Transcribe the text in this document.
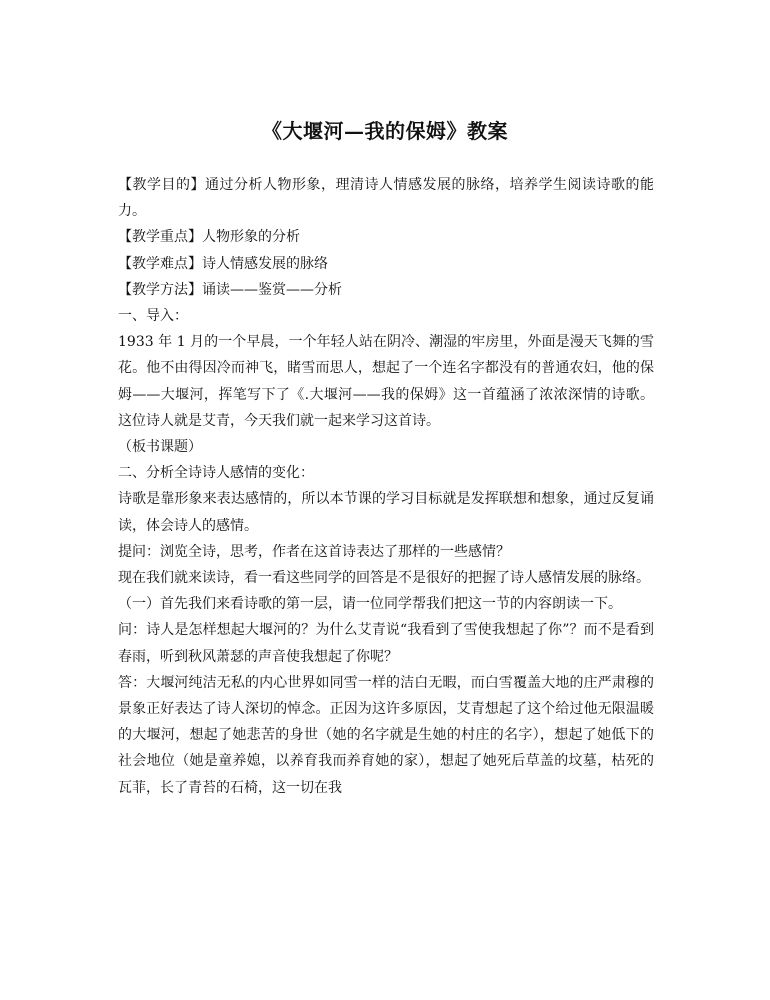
《大堰河—我的保姆》教案

【教学目的】通过分析人物形象，理清诗人情感发展的脉络，培养学生阅读诗歌的能力。

【教学重点】人物形象的分析

【教学难点】诗人情感发展的脉络

【教学方法】诵读——鉴赏——分析

一、导入：

1933 年 1 月的一个早晨，一个年轻人站在阴冷、潮湿的牢房里，外面是漫天飞舞的雪花。他不由得因冷而神飞，睹雪而思人，想起了一个连名字都没有的普通农妇，他的保姆——大堰河，挥笔写下了《.大堰河——我的保姆》这一首蕴涵了浓浓深情的诗歌。这位诗人就是艾青，今天我们就一起来学习这首诗。

（板书课题）

二、分析全诗诗人感情的变化：

诗歌是靠形象来表达感情的，所以本节课的学习目标就是发挥联想和想象，通过反复诵读，体会诗人的感情。

提问：浏览全诗，思考，作者在这首诗表达了那样的一些感情？

现在我们就来读诗，看一看这些同学的回答是不是很好的把握了诗人感情发展的脉络。

（一）首先我们来看诗歌的第一层，请一位同学帮我们把这一节的内容朗读一下。

问：诗人是怎样想起大堰河的？为什么艾青说“我看到了雪使我想起了你”？而不是看到春雨，听到秋风萧瑟的声音使我想起了你呢？

答：大堰河纯洁无私的内心世界如同雪一样的洁白无暇，而白雪覆盖大地的庄严肃穆的景象正好表达了诗人深切的悼念。正因为这许多原因，艾青想起了这个给过他无限温暖的大堰河，想起了她悲苦的身世（她的名字就是生她的村庄的名字），想起了她低下的社会地位（她是童养媳，以养育我而养育她的家），想起了她死后草盖的坟墓，枯死的瓦菲，长了青苔的石椅，这一切在我
